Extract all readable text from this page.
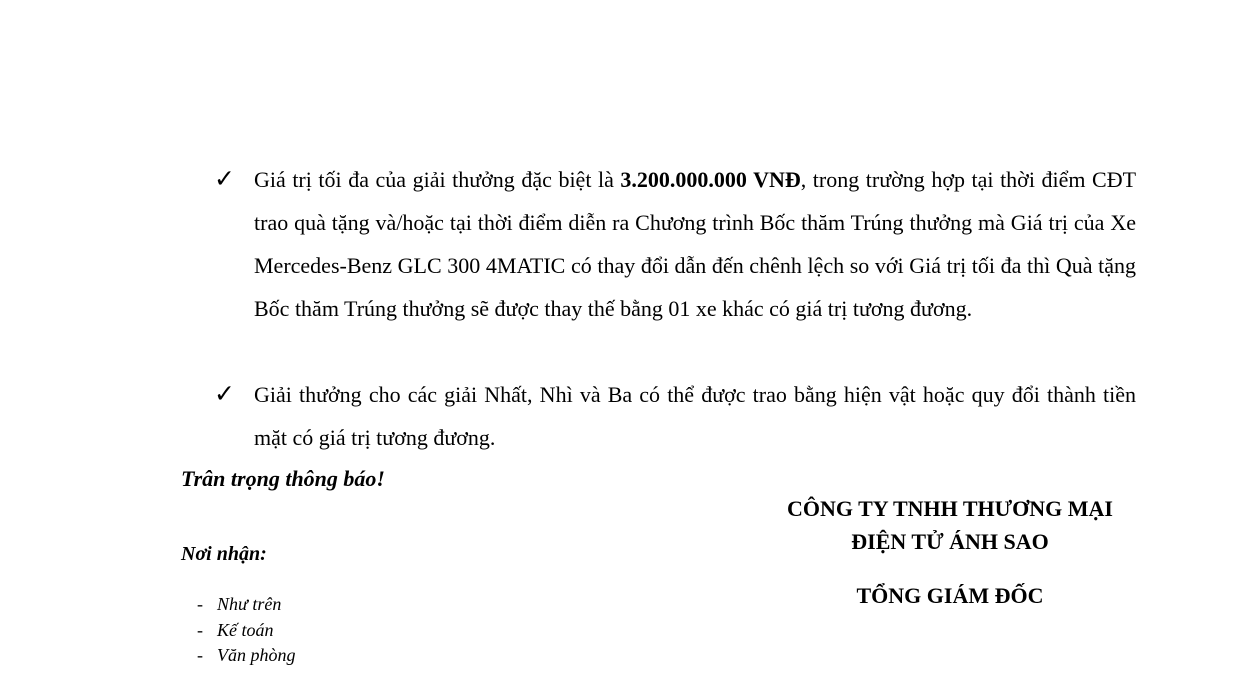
✓ Giá trị tối đa của giải thưởng đặc biệt là 3.200.000.000 VNĐ, trong trường hợp tại thời điểm CĐT trao quà tặng và/hoặc tại thời điểm diễn ra Chương trình Bốc thăm Trúng thưởng mà Giá trị của Xe Mercedes-Benz GLC 300 4MATIC có thay đổi dẫn đến chênh lệch so với Giá trị tối đa thì Quà tặng Bốc thăm Trúng thưởng sẽ được thay thế bằng 01 xe khác có giá trị tương đương.
✓ Giải thưởng cho các giải Nhất, Nhì và Ba có thể được trao bằng hiện vật hoặc quy đổi thành tiền mặt có giá trị tương đương.
Trân trọng thông báo!
Nơi nhận:
- Như trên
- Kế toán
- Văn phòng
CÔNG TY TNHH THƯƠNG MẠI
ĐIỆN TỬ ÁNH SAO
TỔNG GIÁM ĐỐC
